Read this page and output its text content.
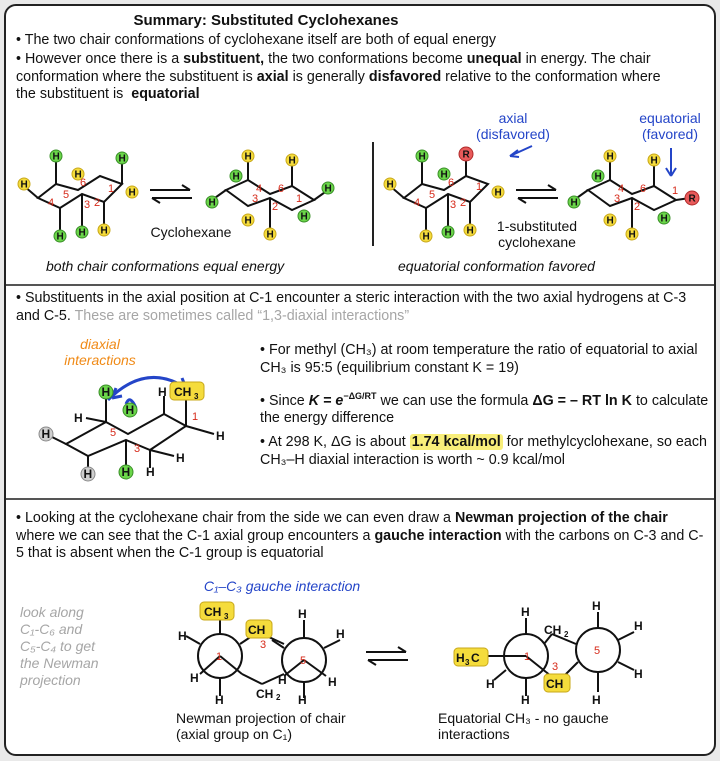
Summary: Substituted Cyclohexanes
• The two chair conformations of cyclohexane itself are both of equal energy
• However once there is a substituent, the two conformations become unequal in energy. The chair conformation where the substituent is axial is generally disfavored relative to the conformation where the substituent is  equatorial
H	H
H
H
H
H
H
H
5	1
3
4	2
6
H	H
H
H
H
H
H
H
4
1
2
6
3
Cyclohexane
axial
(disfavored)
equatorial
(favored)
H	R
H
H
H
H
H
H
5
1
3
4	2
6
H	H
H
H	R
H
H
H
4	1
2
6
3
1-substituted
cyclohexane
both chair conformations equal energy	equatorial conformation favored
• Substituents in the axial position at C-1 encounter a steric interaction with the two axial hydrogens at C-3 and C-5. These are sometimes called “1,3-diaxial interactions”
diaxial
interactions
H
H
CH 3
H
H
H
H
H
H
H
H
5
3
1
• For methyl (CH₃) at room temperature the ratio of equatorial to axial CH₃ is 95:5 (equilibrium constant K = 19)
• Since $K = e^{-\Delta G/RT}$ we can use the formula ΔG = – RT ln K to calculate the energy difference
• At 298 K, ΔG is about 1.74 kcal/mol for methylcyclohexane, so each CH₃–H diaxial interaction is worth ~ 0.9 kcal/mol
• Looking at the cyclohexane chair from the side we can even draw a Newman projection of the chair where we can see that the C-1 axial group encounters a gauche interaction with the carbons on C-3 and C-5 that is absent when the C-1 group is equatorial
C₁–C₃ gauche interaction
look along
C₁-C₆ and
C₅-C₄ to get
the Newman
projection
CH 3
CH
H
H
H
CH 2
H
H
H
H
H
1
3
5	H 3 C
H
CH 2
CH
H
H
H
H
H
H
1
3
5
Newman projection of chair
(axial group on C₁)
Equatorial CH₃ - no gauche
interactions
